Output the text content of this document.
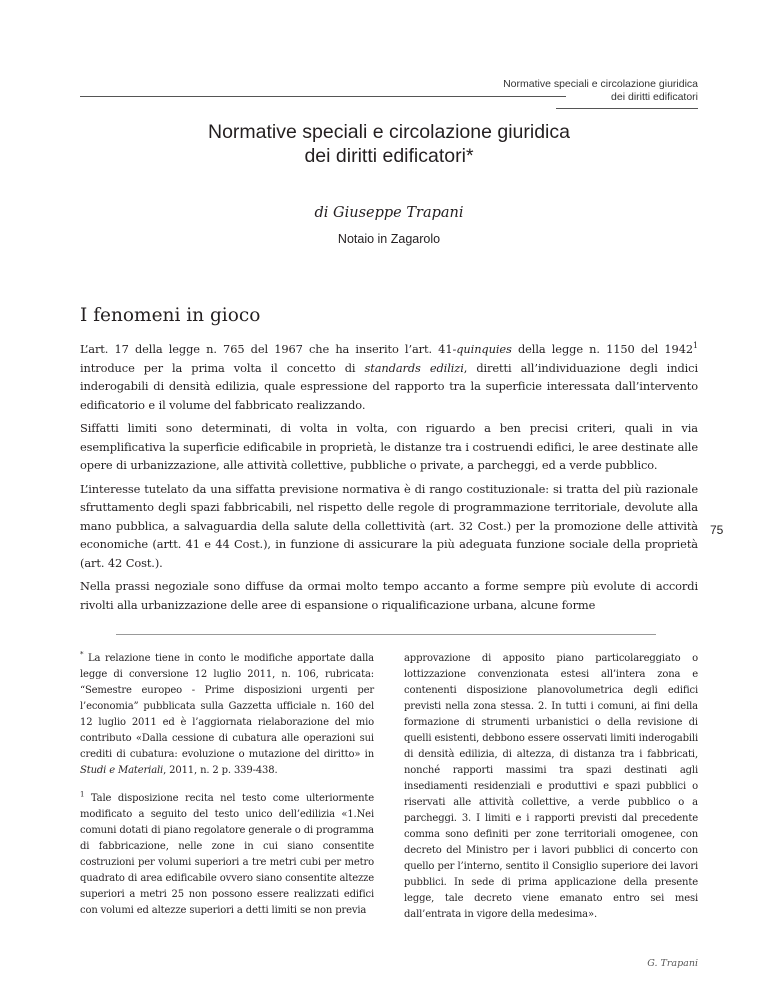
Normative speciali e circolazione giuridica
dei diritti edificatori
Normative speciali e circolazione giuridica
dei diritti edificatori*
di Giuseppe Trapani
Notaio in Zagarolo
I fenomeni in gioco

L’art. 17 della legge n. 765 del 1967 che ha inserito l’art. 41-quinquies della legge n. 1150 del 1942$^1$ introduce per la prima volta il concetto di standards edilizi, diretti all’individuazione degli indici inderogabili di densità edilizia, quale espressione del rapporto tra la superficie interessata dall’intervento edificatorio e il volume del fabbricato realizzando.

Siffatti limiti sono determinati, di volta in volta, con riguardo a ben precisi criteri, quali in via esemplificativa la superficie edificabile in proprietà, le distanze tra i costruendi edifici, le aree destinate alle opere di urbanizzazione, alle attività collettive, pubbliche o private, a parcheggi, ed a verde pubblico.

L’interesse tutelato da una siffatta previsione normativa è di rango costituzionale: si tratta del più razionale sfruttamento degli spazi fabbricabili, nel rispetto delle regole di programmazione territoriale, devolute alla mano pubblica, a salvaguardia della salute della collettività (art. 32 Cost.) per la promozione delle attività economiche (artt. 41 e 44 Cost.), in funzione di assicurare la più adeguata funzione sociale della proprietà (art. 42 Cost.).

Nella prassi negoziale sono diffuse da ormai molto tempo accanto a forme sempre più evolute di accordi rivolti alla urbanizzazione delle aree di espansione o riqualificazione urbana, alcune forme

75

* La relazione tiene in conto le modifiche apportate dalla legge di conversione 12 luglio 2011, n. 106, rubricata: “Semestre europeo - Prime disposizioni urgenti per l’economia” pubblicata sulla Gazzetta ufficiale n. 160 del 12 luglio 2011 ed è l’aggiornata rielaborazione del mio contributo «Dalla cessione di cubatura alle operazioni sui crediti di cubatura: evoluzione o mutazione del diritto» in Studi e Materiali, 2011, n. 2 p. 339-438.

$^1$ Tale disposizione recita nel testo come ulteriormente modificato a seguito del testo unico dell’edilizia «1.Nei comuni dotati di piano regolatore generale o di programma di fabbricazione, nelle zone in cui siano consentite costruzioni per volumi superiori a tre metri cubi per metro quadrato di area edificabile ovvero siano consentite altezze superiori a metri 25 non possono essere realizzati edifici con volumi ed altezze superiori a detti limiti se non previa

approvazione di apposito piano particolareggiato o lottizzazione convenzionata estesi all’intera zona e contenenti disposizione planovolumetrica degli edifici previsti nella zona stessa. 2. In tutti i comuni, ai fini della formazione di strumenti urbanistici o della revisione di quelli esistenti, debbono essere osservati limiti inderogabili di densità edilizia, di altezza, di distanza tra i fabbricati, nonché rapporti massimi tra spazi destinati agli insediamenti residenziali e produttivi e spazi pubblici o riservati alle attività collettive, a verde pubblico o a parcheggi. 3. I limiti e i rapporti previsti dal precedente comma sono definiti per zone territoriali omogenee, con decreto del Ministro per i lavori pubblici di concerto con quello per l’interno, sentito il Consiglio superiore dei lavori pubblici. In sede di prima applicazione della presente legge, tale decreto viene emanato entro sei mesi dall’entrata in vigore della medesima».

G. Trapani
